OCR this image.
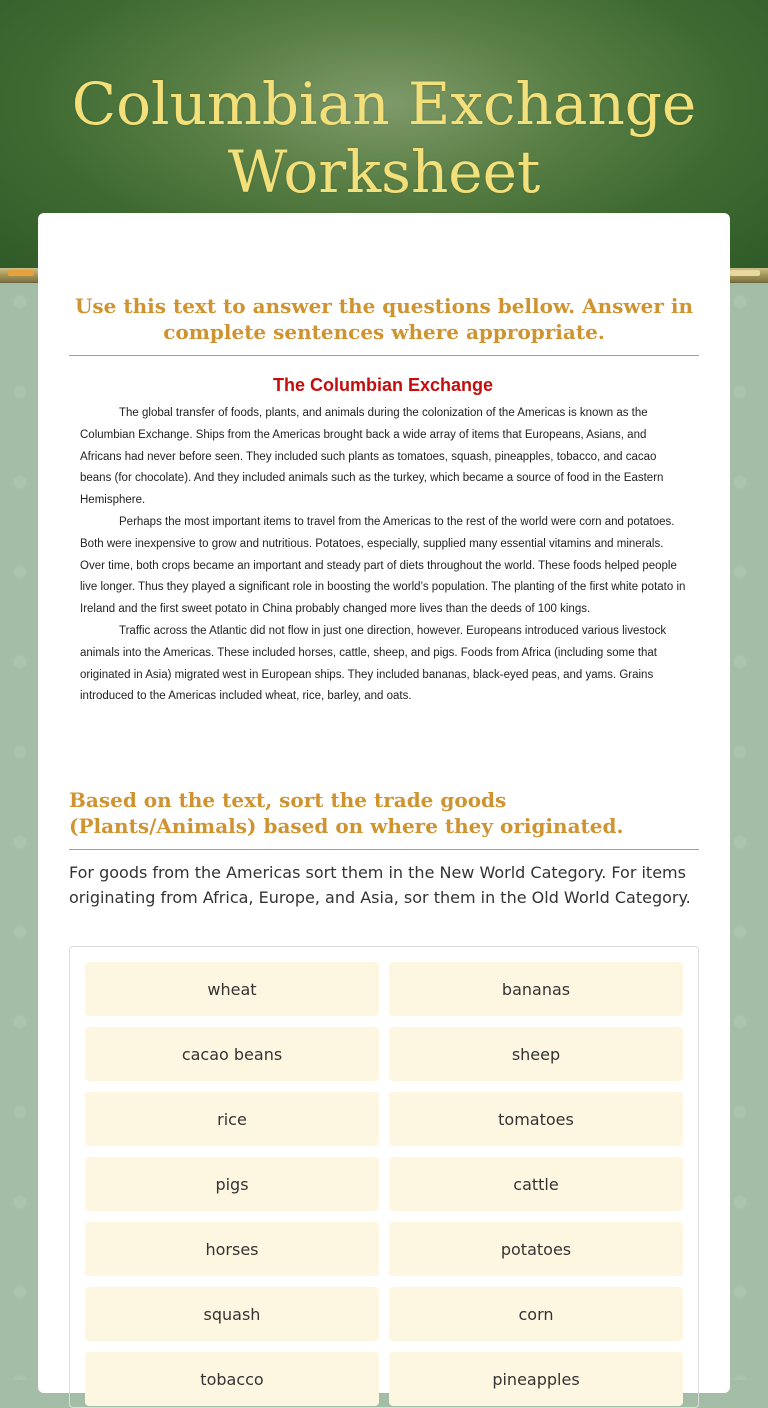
Columbian Exchange Worksheet
Use this text to answer the questions bellow. Answer in complete sentences where appropriate.
The Columbian Exchange

The global transfer of foods, plants, and animals during the colonization of the Americas is known as the Columbian Exchange. Ships from the Americas brought back a wide array of items that Europeans, Asians, and Africans had never before seen. They included such plants as tomatoes, squash, pineapples, tobacco, and cacao beans (for chocolate). And they included animals such as the turkey, which became a source of food in the Eastern Hemisphere.

Perhaps the most important items to travel from the Americas to the rest of the world were corn and potatoes. Both were inexpensive to grow and nutritious. Potatoes, especially, supplied many essential vitamins and minerals. Over time, both crops became an important and steady part of diets throughout the world. These foods helped people live longer. Thus they played a significant role in boosting the world’s population. The planting of the first white potato in Ireland and the first sweet potato in China probably changed more lives than the deeds of 100 kings.

Traffic across the Atlantic did not flow in just one direction, however. Europeans introduced various livestock animals into the Americas. These included horses, cattle, sheep, and pigs. Foods from Africa (including some that originated in Asia) migrated west in European ships. They included bananas, black-eyed peas, and yams. Grains introduced to the Americas included wheat, rice, barley, and oats.

Based on the text, sort the trade goods (Plants/Animals) based on where they originated.

For goods from the Americas sort them in the New World Category. For items originating from Africa, Europe, and Asia, sor them in the Old World Category.

wheat	bananas
cacao beans	sheep
rice	tomatoes
pigs	cattle
horses	potatoes
squash	corn
tobacco	pineapples
